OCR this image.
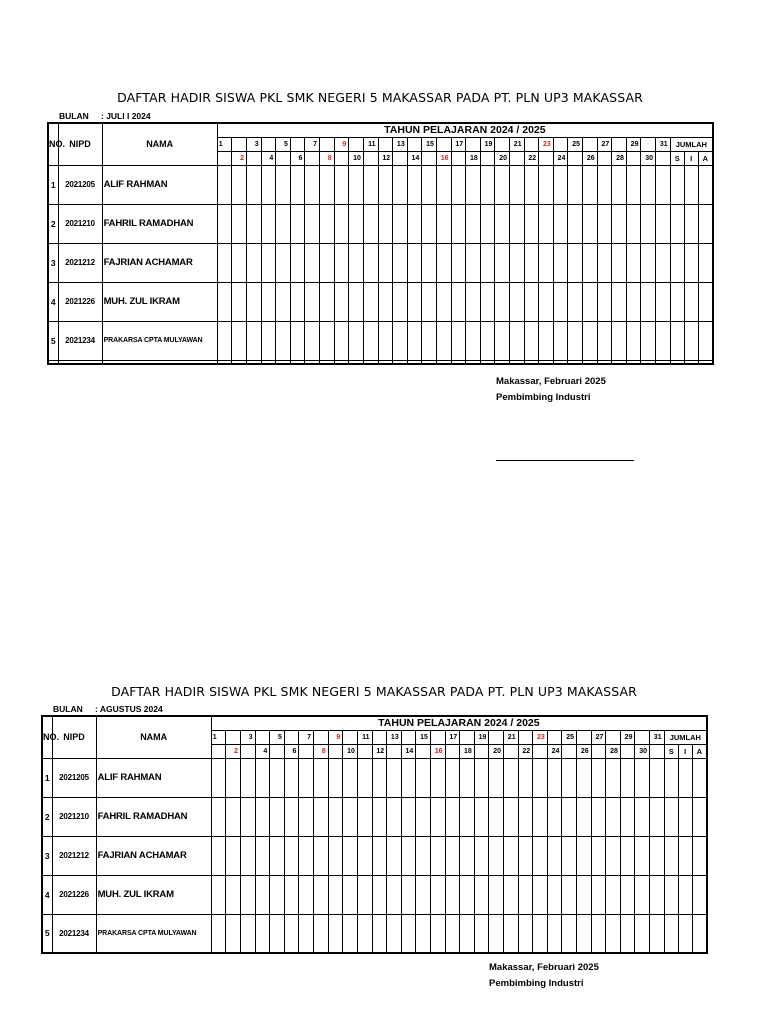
DAFTAR HADIR SISWA PKL SMK NEGERI 5 MAKASSAR PADA PT. PLN UP3 MAKASSAR
BULAN : JULI I 2024
NO.	NIPD	NAMA	TAHUN PELAJARAN 2024 / 2025																																	
			1		3		5		7		9		11		13		15		17		19		21		23		25		27		29		31	JUMLAH		
				2		4		6		8		10		12		14		16		18		20		22		24		26		28		30		S	I	A
1	2021205	ALIF RAHMAN																																		
2	2021210	FAHRIL RAMADHAN																																		
3	2021212	FAJRIAN ACHAMAR																																		
4	2021226	MUH. ZUL IKRAM																																		
5	2021234	PRAKARSA CPTA MULYAWAN																																		

Makassar, Februari 2025
Pembimbing Industri
DAFTAR HADIR SISWA PKL SMK NEGERI 5 MAKASSAR PADA PT. PLN UP3 MAKASSAR
BULAN : AGUSTUS 2024
NO.	NIPD	NAMA	TAHUN PELAJARAN 2024 / 2025																																	
			1		3		5		7		9		11		13		15		17		19		21		23		25		27		29		31	JUMLAH		
				2		4		6		8		10		12		14		16		18		20		22		24		26		28		30		S	I	A
1	2021205	ALIF RAHMAN																																		
2	2021210	FAHRIL RAMADHAN																																		
3	2021212	FAJRIAN ACHAMAR																																		
4	2021226	MUH. ZUL IKRAM																																		
5	2021234	PRAKARSA CPTA MULYAWAN																																		
Makassar, Februari 2025
Pembimbing Industri
